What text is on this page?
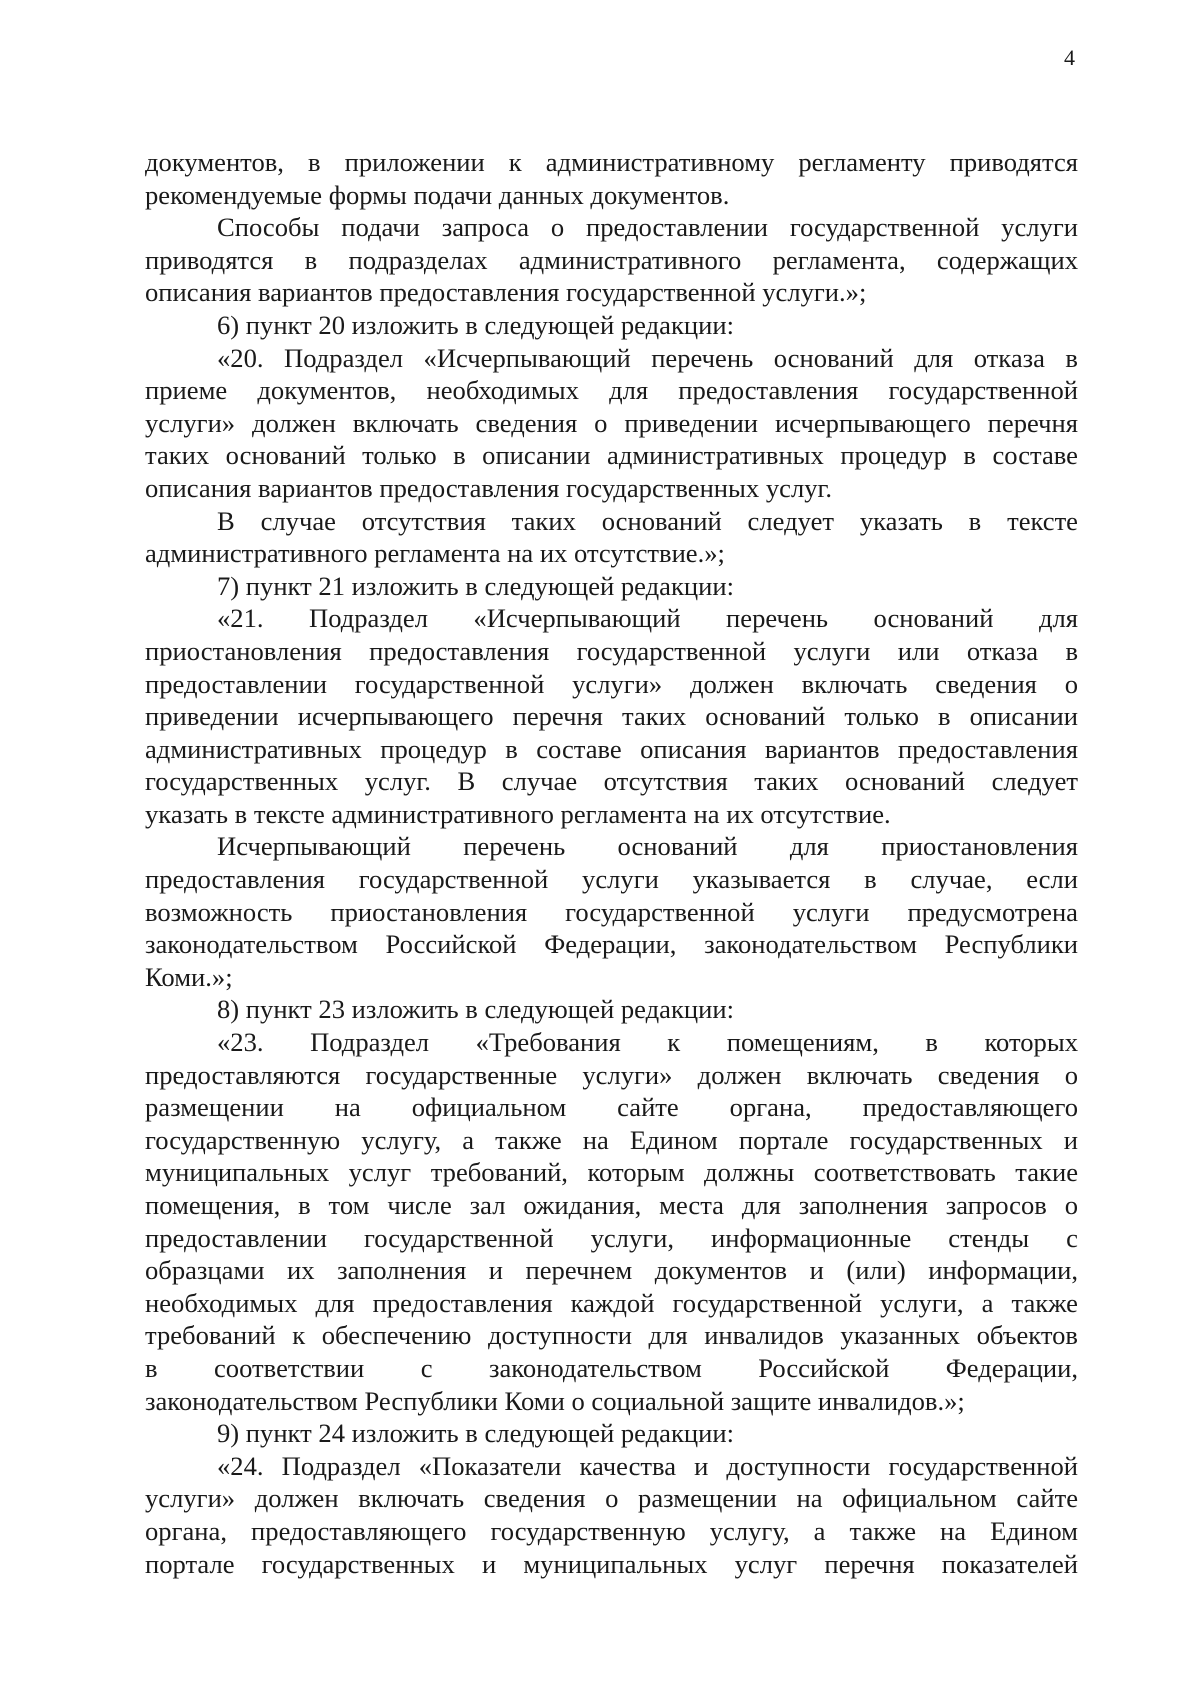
4
документов, в приложении к административному регламенту приводятся
рекомендуемые формы подачи данных документов.
Способы подачи запроса о предоставлении государственной услуги
приводятся в подразделах административного регламента, содержащих
описания вариантов предоставления государственной услуги.»;
6) пункт 20 изложить в следующей редакции:
«20. Подраздел «Исчерпывающий перечень оснований для отказа в
приеме документов, необходимых для предоставления государственной
услуги» должен включать сведения о приведении исчерпывающего перечня
таких оснований только в описании административных процедур в составе
описания вариантов предоставления государственных услуг.
В случае отсутствия таких оснований следует указать в тексте
административного регламента на их отсутствие.»;
7) пункт 21 изложить в следующей редакции:
«21. Подраздел «Исчерпывающий перечень оснований для
приостановления предоставления государственной услуги или отказа в
предоставлении государственной услуги» должен включать сведения о
приведении исчерпывающего перечня таких оснований только в описании
административных процедур в составе описания вариантов предоставления
государственных услуг. В случае отсутствия таких оснований следует
указать в тексте административного регламента на их отсутствие.
Исчерпывающий перечень оснований для приостановления
предоставления государственной услуги указывается в случае, если
возможность приостановления государственной услуги предусмотрена
законодательством Российской Федерации, законодательством Республики
Коми.»;
8) пункт 23 изложить в следующей редакции:
«23. Подраздел «Требования к помещениям, в которых
предоставляются государственные услуги» должен включать сведения о
размещении на официальном сайте органа, предоставляющего
государственную услугу, а также на Едином портале государственных и
муниципальных услуг требований, которым должны соответствовать такие
помещения, в том числе зал ожидания, места для заполнения запросов о
предоставлении государственной услуги, информационные стенды с
образцами их заполнения и перечнем документов и (или) информации,
необходимых для предоставления каждой государственной услуги, а также
требований к обеспечению доступности для инвалидов указанных объектов
в соответствии с законодательством Российской Федерации,
законодательством Республики Коми о социальной защите инвалидов.»;
9) пункт 24 изложить в следующей редакции:
«24. Подраздел «Показатели качества и доступности государственной
услуги» должен включать сведения о размещении на официальном сайте
органа, предоставляющего государственную услугу, а также на Едином
портале государственных и муниципальных услуг перечня показателей
